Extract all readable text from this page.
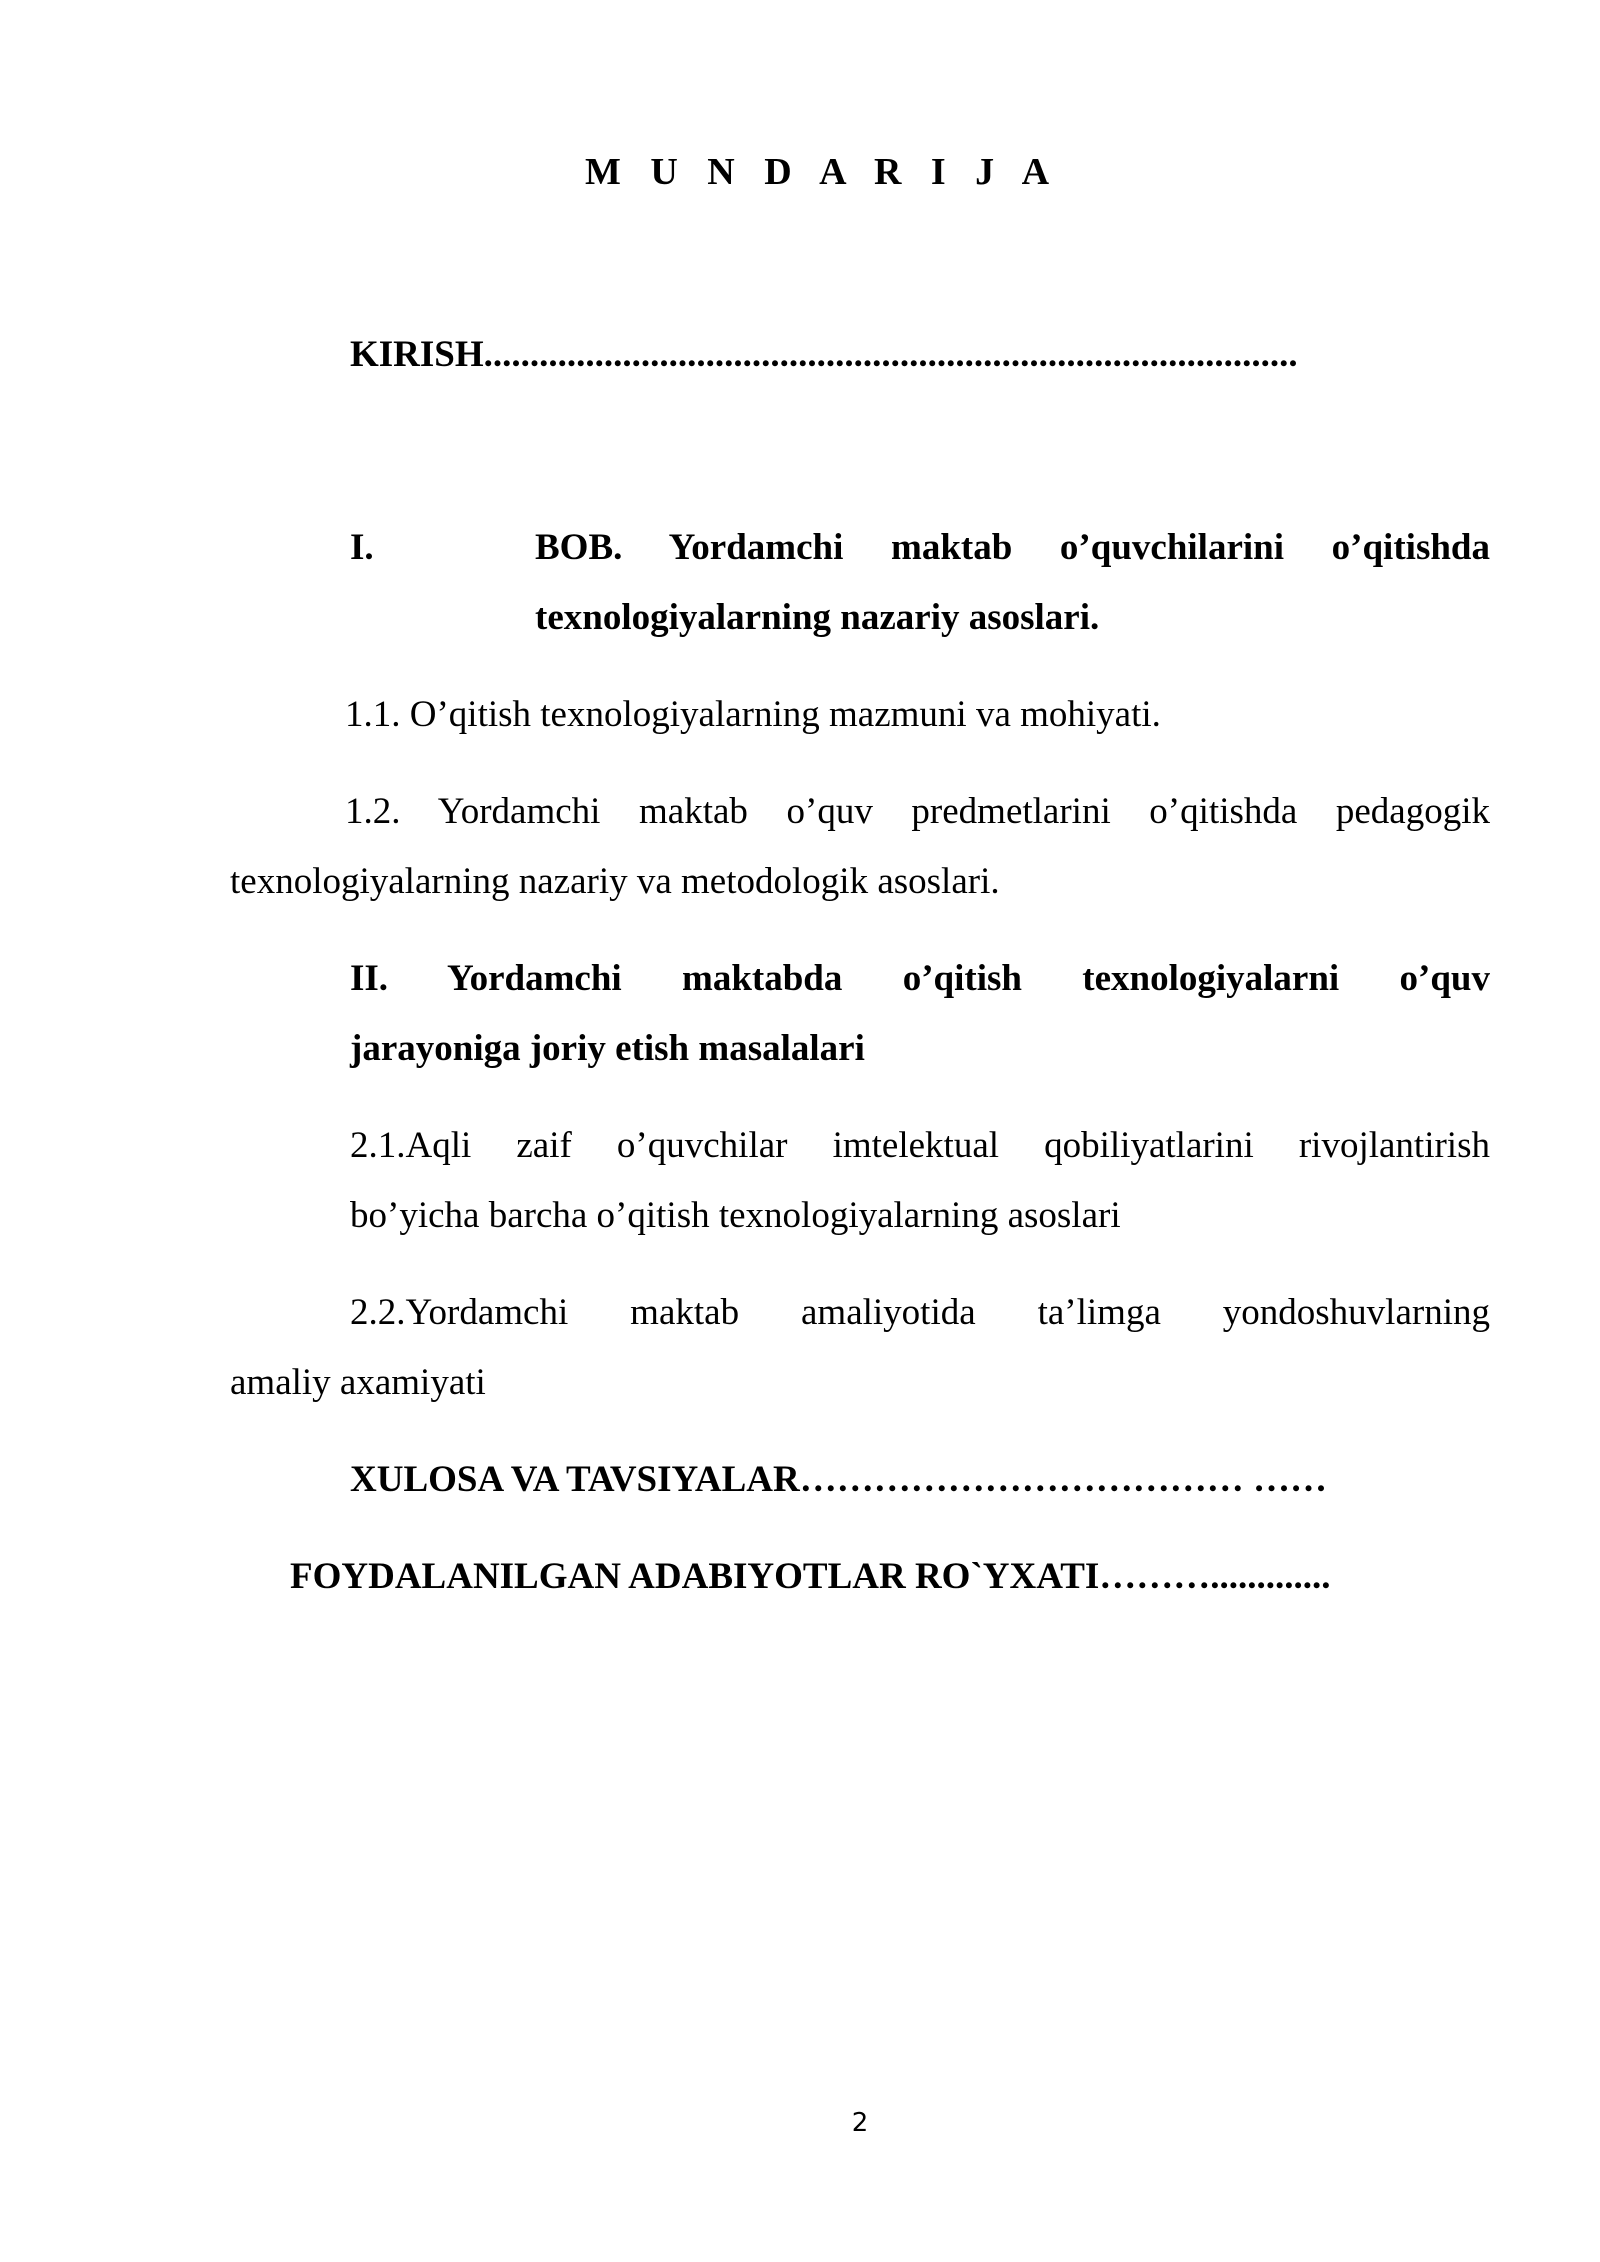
M U N D A R I J A
KIRISH........................................................................................
I.	BOB. Yordamchi maktab o’quvchilarini o’qitishda
texnologiyalarning nazariy asoslari.
1.1. O’qitish texnologiyalarning mazmuni va mohiyati.
1.2. Yordamchi maktab o’quv predmetlarini o’qitishda pedagogik
texnologiyalarning nazariy va metodologik asoslari.
II. Yordamchi maktabda o’qitish texnologiyalarni o’quv
jarayoniga joriy etish masalalari
2.1.Aqli zaif o’quvchilar imtelektual qobiliyatlarini rivojlantirish
bo’yicha barcha o’qitish texnologiyalarning asoslari
2.2.Yordamchi maktab amaliyotida ta’limga yondoshuvlarning
amaliy axamiyati
XULOSA VA TAVSIYALAR……………………………… ……
FOYDALANILGAN ADABIYOTLAR RO`YXATI……….............
2
